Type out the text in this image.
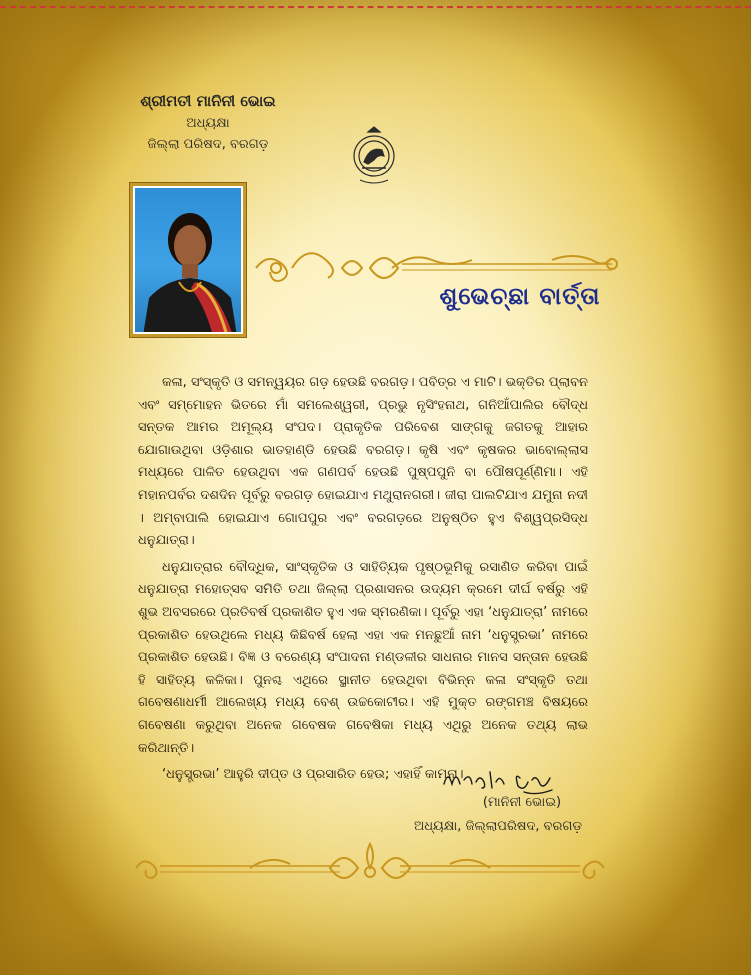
ଶ୍ରୀମତୀ ମାନିନୀ ଭୋଇ
ଅଧ୍ୟକ୍ଷା
ଜିଲ୍ଲା ପରିଷଦ, ବରଗଡ଼
ଶୁଭେଚ୍ଛା ବାର୍ତ୍ତା

କଳା, ସଂସ୍କୃତି ଓ ସମନ୍ୱୟର ଗଡ଼ ହେଉଛି ବରଗଡ଼। ପବିତ୍ର ଏ ମାଟି। ଭକ୍ତିର ପ୍ଲାବନ ଏବଂ ସମ୍ମୋହନ ଭିତରେ ମାଁ ସମଲେଶ୍ୱରୀ, ପ୍ରଭୁ ନୃସିଂହନାଥ, ଗନିଆଁପାଲିର ବୌଦ୍ଧ ସନ୍ତକ ଆମର ଅମୂଲ୍ୟ ସଂପଦ। ପ୍ରାକୃତିକ ପରିବେଶ ସାଙ୍ଗକୁ ଜଗତକୁ ଆହାର ଯୋଗାଉଥିବା ଓଡ଼ିଶାର ଭାତହାଣ୍ଡି ହେଉଛି ବରଗଡ଼। କୃଷି ଏବଂ କୃଷକର ଭାବୋଲ୍ଲାସ ମଧ୍ୟରେ ପାଳିତ ହେଉଥିବା ଏକ ଗଣପର୍ବ ହେଉଛି ପୁଷ୍ପପୁନି ବା ପୌଷପୂର୍ଣ୍ଣିମା। ଏହି ମହାନପର୍ବର ଦଶଦିନ ପୂର୍ବରୁ ବରଗଡ଼ ହୋଇଯାଏ ମଥୁରାନଗରୀ। ଜୀରା ପାଲଟିଯାଏ ଯମୁନା ନଦୀ । ଅମ୍ବାପାଲି ହୋଇଯାଏ ଗୋପପୁର ଏବଂ ବରଗଡ଼ରେ ଅନୁଷ୍ଠିତ ହୁଏ ବିଶ୍ୱପ୍ରସିଦ୍ଧ ଧନୁଯାତ୍ରା।

ଧନୁଯାତ୍ରାର ବୌଦ୍ଧିକ, ସାଂସ୍କୃତିକ ଓ ସାହିତ୍ୟିକ ପୃଷ୍ଠଭୂମିକୁ ରସାଣିତ କରିବା ପାଇଁ ଧନୁଯାତ୍ରା ମହୋତ୍ସବ ସମିତି ତଥା ଜିଲ୍ଲା ପ୍ରଶାସନର ଉଦ୍ୟମ କ୍ରମେ ଦୀର୍ଘ ବର୍ଷରୁ ଏହି ଶୁଭ ଅବସରରେ ପ୍ରତିବର୍ଷ ପ୍ରକାଶିତ ହୁଏ ଏକ ସ୍ମରଣିକା। ପୂର୍ବରୁ ଏହା ‘ଧନୁଯାତ୍ରା’ ନାମରେ ପ୍ରକାଶିତ ହେଉଥିଲେ ମଧ୍ୟ କିଛିବର୍ଷ ହେଲା ଏହା ଏକ ମନଛୁଆଁ ନାମ ‘ଧନୁସ୍ତ୍ରଭା’ ନାମରେ ପ୍ରକାଶିତ ହେଉଛି। ବିଜ୍ଞ ଓ ବରେଣ୍ୟ ସଂପାଦନା ମଣ୍ଡଳୀର ସାଧନାର ମାନସ ସନ୍ତାନ ହେଉଛି ହି ସାହିତ୍ୟ କଳିକା। ପୁନଶ୍ଚ ଏଥିରେ ସ୍ଥାନୀତ ହେଉଥିବା ବିଭିନ୍ନ କଳା ସଂସ୍କୃତି ତଥା ଗବେଷଣାଧର୍ମୀ ଆଲେଖ୍ୟ ମଧ୍ୟ ବେଶ୍ ଉଚ୍ଚକୋଟୀର। ଏହି ମୁକ୍ତ ରଙ୍ଗମଞ୍ଚ ବିଷୟରେ ଗବେଷଣା କରୁଥିବା ଅନେକ ଗବେଷକ ଗବେଷିକା ମଧ୍ୟ ଏଥିରୁ ଅନେକ ତଥ୍ୟ ଲାଭ କରିଥାନ୍ତି।

‘ଧନୁସ୍ତ୍ରଭା’ ଆହୁରି ଦୀପ୍ତ ଓ ପ୍ରସାରିତ ହେଉ; ଏହାହିଁ କାମନା।

(ମାନିନୀ ଭୋଇ)
ଅଧ୍ୟକ୍ଷା, ଜିଲ୍ଲାପରିଷଦ, ବରଗଡ଼
